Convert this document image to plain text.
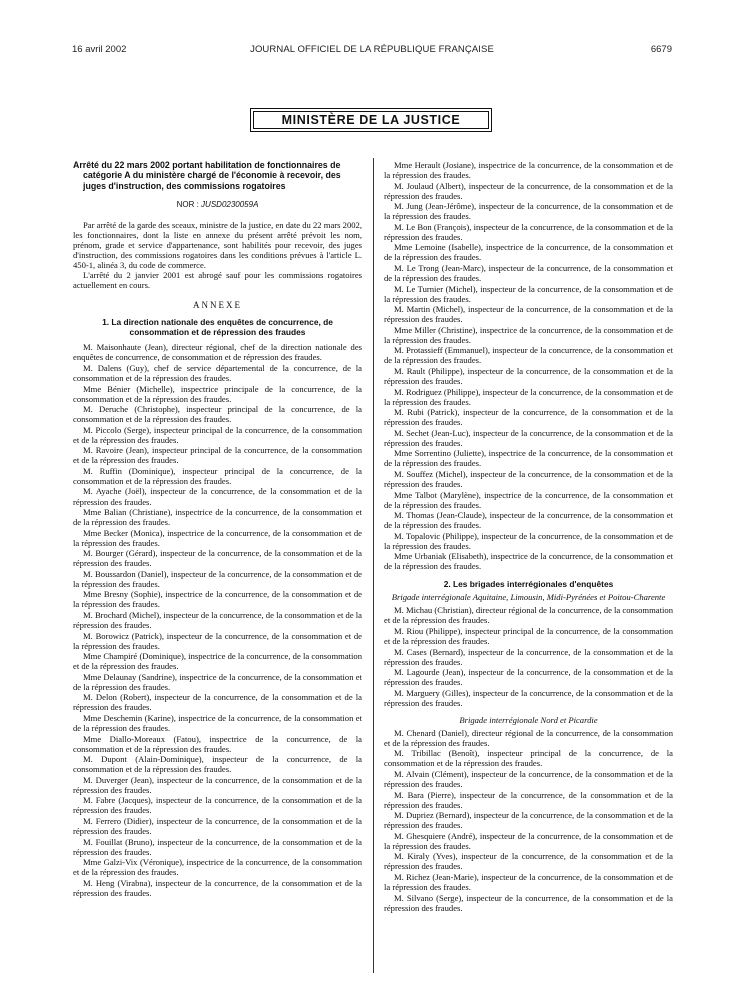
16 avril 2002	JOURNAL OFFICIEL DE LA RÉPUBLIQUE FRANÇAISE	6679
MINISTÈRE DE LA JUSTICE

Arrêté du 22 mars 2002 portant habilitation de fonctionnaires de catégorie A du ministère chargé de l'économie à recevoir, des juges d'instruction, des commissions rogatoires

NOR : JUSD0230059A

Par arrêté de la garde des sceaux, ministre de la justice, en date du 22 mars 2002, les fonctionnaires, dont la liste en annexe du présent arrêté prévoit les nom, prénom, grade et service d'appartenance, sont habilités pour recevoir, des juges d'instruction, des commissions rogatoires dans les conditions prévues à l'article L. 450-1, alinéa 3, du code de commerce.

L'arrêté du 2 janvier 2001 est abrogé sauf pour les commissions rogatoires actuellement en cours.

ANNEXE
1. La direction nationale des enquêtes de concurrence, de consommation et de répression des fraudes
M. Maisonhaute (Jean), directeur régional, chef de la direction nationale des enquêtes de concurrence, de consommation et de répression des fraudes.
M. Dalens (Guy), chef de service départemental de la concurrence, de la consommation et de la répression des fraudes.
Mme Bénier (Michelle), inspectrice principale de la concurrence, de la consommation et de la répression des fraudes.
M. Deruche (Christophe), inspecteur principal de la concurrence, de la consommation et de la répression des fraudes.
M. Piccolo (Serge), inspecteur principal de la concurrence, de la consommation et de la répression des fraudes.
M. Ravoire (Jean), inspecteur principal de la concurrence, de la consommation et de la répression des fraudes.
M. Ruffin (Dominique), inspecteur principal de la concurrence, de la consommation et de la répression des fraudes.
M. Ayache (Joël), inspecteur de la concurrence, de la consommation et de la répression des fraudes.
Mme Balian (Christiane), inspectrice de la concurrence, de la consommation et de la répression des fraudes.
Mme Becker (Monica), inspectrice de la concurrence, de la consommation et de la répression des fraudes.
M. Bourger (Gérard), inspecteur de la concurrence, de la consommation et de la répression des fraudes.
M. Boussardon (Daniel), inspecteur de la concurrence, de la consommation et de la répression des fraudes.
Mme Bresny (Sophie), inspectrice de la concurrence, de la consommation et de la répression des fraudes.
M. Brochard (Michel), inspecteur de la concurrence, de la consommation et de la répression des fraudes.
M. Borowicz (Patrick), inspecteur de la concurrence, de la consommation et de la répression des fraudes.
Mme Champiré (Dominique), inspectrice de la concurrence, de la consommation et de la répression des fraudes.
Mme Delaunay (Sandrine), inspectrice de la concurrence, de la consommation et de la répression des fraudes.
M. Delon (Robert), inspecteur de la concurrence, de la consommation et de la répression des fraudes.
Mme Deschemin (Karine), inspectrice de la concurrence, de la consommation et de la répression des fraudes.
Mme Diallo-Moreaux (Fatou), inspectrice de la concurrence, de la consommation et de la répression des fraudes.
M. Dupont (Alain-Dominique), inspecteur de la concurrence, de la consommation et de la répression des fraudes.
M. Duverger (Jean), inspecteur de la concurrence, de la consommation et de la répression des fraudes.
M. Fabre (Jacques), inspecteur de la concurrence, de la consommation et de la répression des fraudes.
M. Ferrero (Didier), inspecteur de la concurrence, de la consommation et de la répression des fraudes.
M. Fouillat (Bruno), inspecteur de la concurrence, de la consommation et de la répression des fraudes.
Mme Galzi-Vix (Véronique), inspectrice de la concurrence, de la consommation et de la répression des fraudes.
M. Heng (Virabna), inspecteur de la concurrence, de la consommation et de la répression des fraudes.
Mme Herault (Josiane), inspectrice de la concurrence, de la consommation et de la répression des fraudes.
M. Joulaud (Albert), inspecteur de la concurrence, de la consommation et de la répression des fraudes.
M. Jung (Jean-Jérôme), inspecteur de la concurrence, de la consommation et de la répression des fraudes.
M. Le Bon (François), inspecteur de la concurrence, de la consommation et de la répression des fraudes.
Mme Lemoine (Isabelle), inspectrice de la concurrence, de la consommation et de la répression des fraudes.
M. Le Trong (Jean-Marc), inspecteur de la concurrence, de la consommation et de la répression des fraudes.
M. Le Turnier (Michel), inspecteur de la concurrence, de la consommation et de la répression des fraudes.
M. Martin (Michel), inspecteur de la concurrence, de la consommation et de la répression des fraudes.
Mme Miller (Christine), inspectrice de la concurrence, de la consommation et de la répression des fraudes.
M. Protassieff (Emmanuel), inspecteur de la concurrence, de la consommation et de la répression des fraudes.
M. Rault (Philippe), inspecteur de la concurrence, de la consommation et de la répression des fraudes.
M. Rodriguez (Philippe), inspecteur de la concurrence, de la consommation et de la répression des fraudes.
M. Rubi (Patrick), inspecteur de la concurrence, de la consommation et de la répression des fraudes.
M. Sechet (Jean-Luc), inspecteur de la concurrence, de la consommation et de la répression des fraudes.
Mme Sorrentino (Juliette), inspectrice de la concurrence, de la consommation et de la répression des fraudes.
M. Souffez (Michel), inspecteur de la concurrence, de la consommation et de la répression des fraudes.
Mme Talbot (Marylène), inspectrice de la concurrence, de la consommation et de la répression des fraudes.
M. Thomas (Jean-Claude), inspecteur de la concurrence, de la consommation et de la répression des fraudes.
M. Topalovic (Philippe), inspecteur de la concurrence, de la consommation et de la répression des fraudes.
Mme Urbaniak (Elisabeth), inspectrice de la concurrence, de la consommation et de la répression des fraudes.
2. Les brigades interrégionales d'enquêtes
Brigade interrégionale Aquitaine, Limousin, Midi-Pyrénées et Poitou-Charente
M. Michau (Christian), directeur régional de la concurrence, de la consommation et de la répression des fraudes.
M. Riou (Philippe), inspecteur principal de la concurrence, de la consommation et de la répression des fraudes.
M. Cases (Bernard), inspecteur de la concurrence, de la consommation et de la répression des fraudes.
M. Lagourde (Jean), inspecteur de la concurrence, de la consommation et de la répression des fraudes.
M. Marguery (Gilles), inspecteur de la concurrence, de la consommation et de la répression des fraudes.
Brigade interrégionale Nord et Picardie
M. Chenard (Daniel), directeur régional de la concurrence, de la consommation et de la répression des fraudes.
M. Tribillac (Benoît), inspecteur principal de la concurrence, de la consommation et de la répression des fraudes.
M. Alvain (Clément), inspecteur de la concurrence, de la consommation et de la répression des fraudes.
M. Bara (Pierre), inspecteur de la concurrence, de la consommation et de la répression des fraudes.
M. Dupriez (Bernard), inspecteur de la concurrence, de la consommation et de la répression des fraudes.
M. Ghesquiere (André), inspecteur de la concurrence, de la consommation et de la répression des fraudes.
M. Kiraly (Yves), inspecteur de la concurrence, de la consommation et de la répression des fraudes.
M. Richez (Jean-Marie), inspecteur de la concurrence, de la consommation et de la répression des fraudes.
M. Silvano (Serge), inspecteur de la concurrence, de la consommation et de la répression des fraudes.
